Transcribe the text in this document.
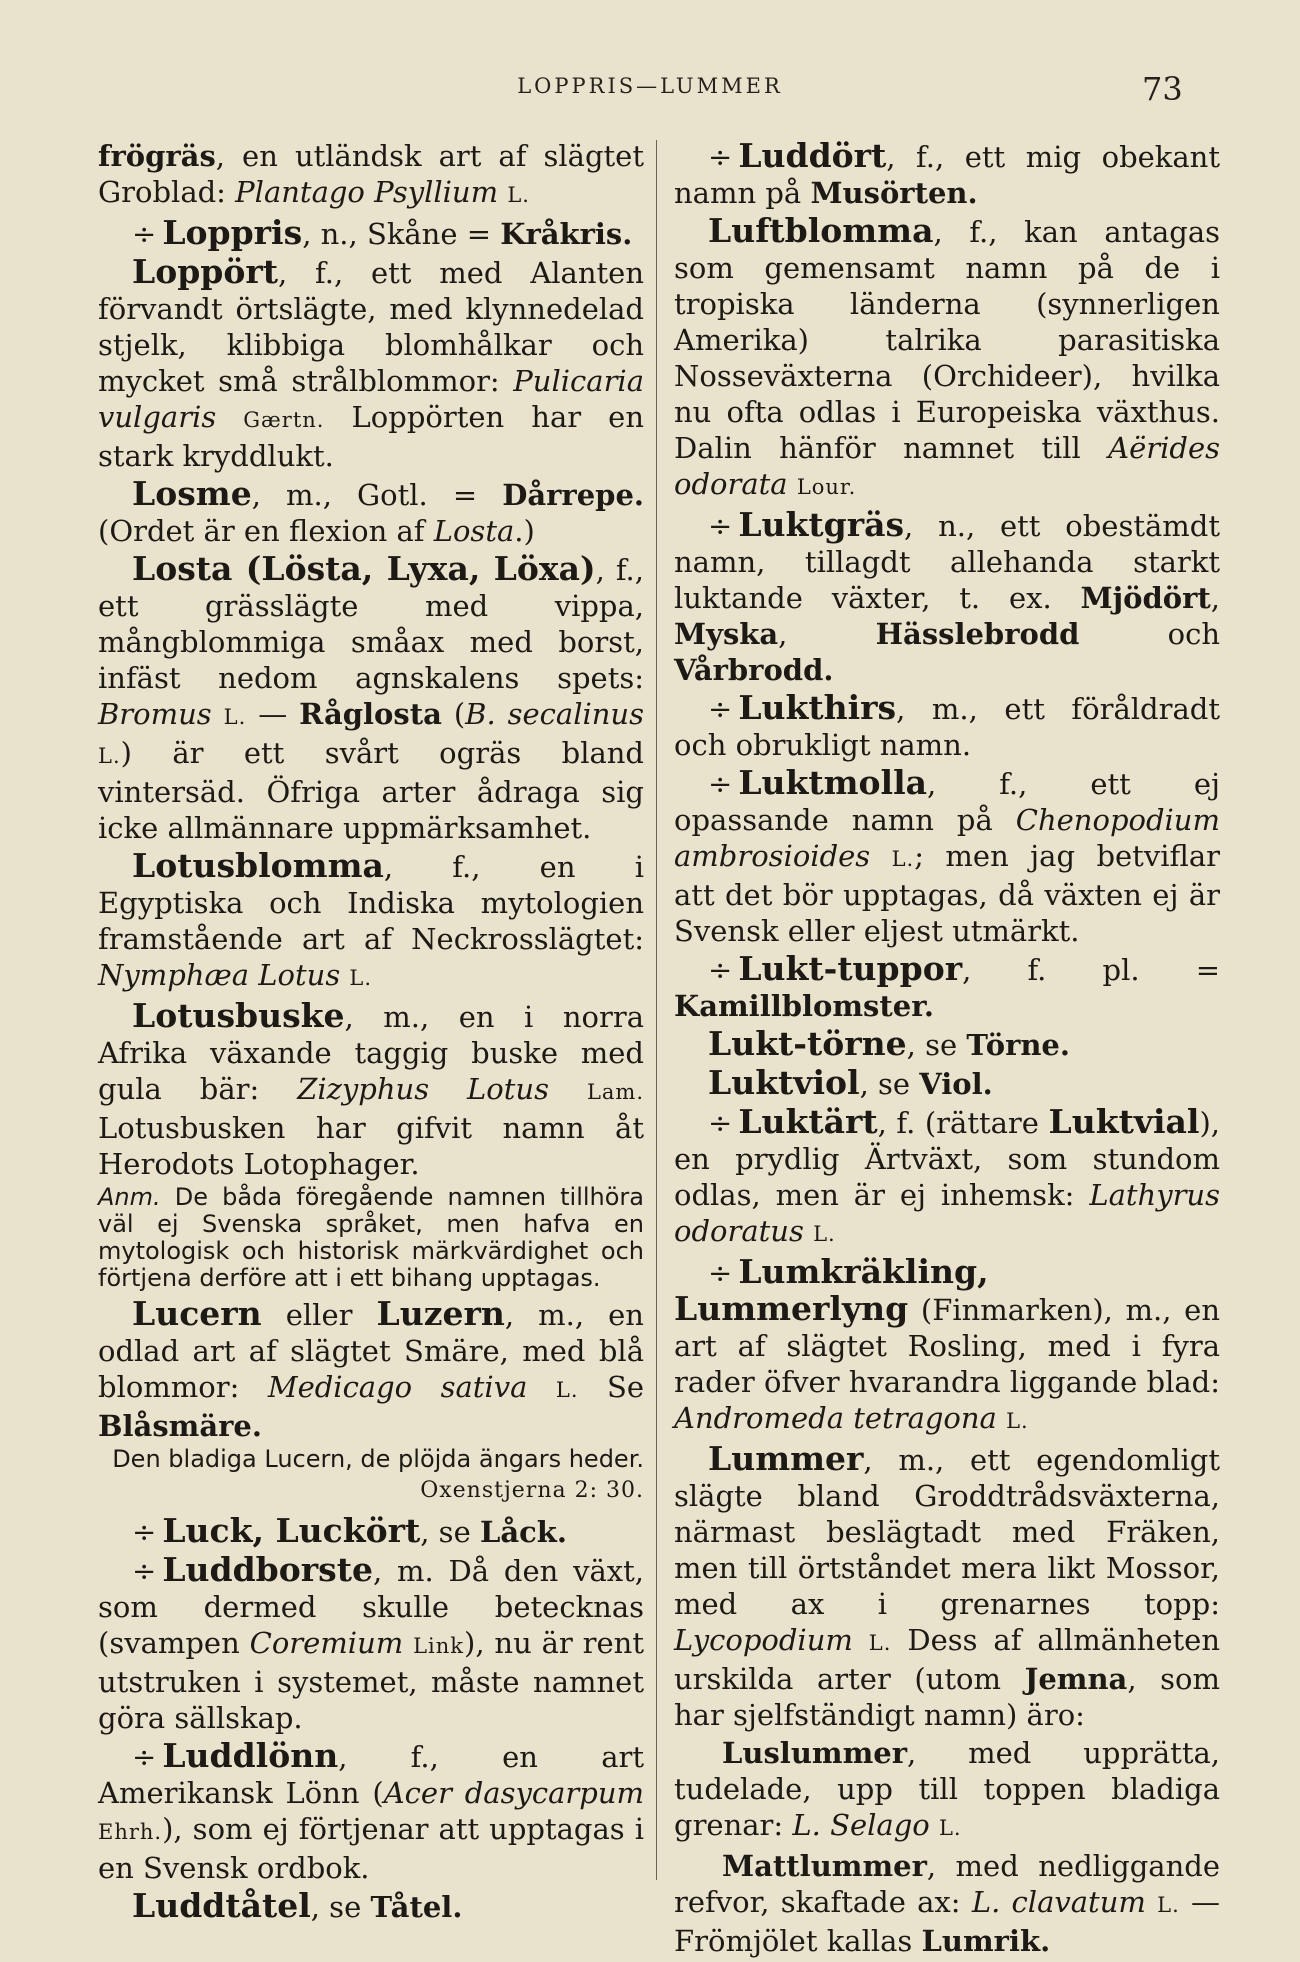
LOPPRIS—LUMMER	73

frögräs, en utländsk art af slägtet Groblad: Plantago Psyllium L.

÷ Loppris, n., Skåne = Kråkris.

Loppört, f., ett med Alanten förvandt örtslägte, med klynnedelad stjelk, klibbiga blomhålkar och mycket små strålblommor: Pulicaria vulgaris Gærtn. Loppörten har en stark kryddlukt.

Losme, m., Gotl. = Dårrepe. (Ordet är en flexion af Losta.)

Losta (Lösta, Lyxa, Löxa), f., ett grässlägte med vippa, mångblommiga småax med borst, infäst nedom agnskalens spets: Bromus L. — Råglosta (B. secalinus L.) är ett svårt ogräs bland vintersäd. Öfriga arter ådraga sig icke allmännare uppmärksamhet.

Lotusblomma, f., en i Egyptiska och Indiska mytologien framstående art af Neckrosslägtet: Nymphæa Lotus L.

Lotusbuske, m., en i norra Afrika växande taggig buske med gula bär: Zizyphus Lotus Lam. Lotusbusken har gifvit namn åt Herodots Lotophager.

Anm. De båda föregående namnen tillhöra väl ej Svenska språket, men hafva en mytologisk och historisk märkvärdighet och förtjena derföre att i ett bihang upptagas.

Lucern eller Luzern, m., en odlad art af slägtet Smäre, med blå blommor: Medicago sativa L. Se Blåsmäre.

Den bladiga Lucern, de plöjda ängars heder.

Oxenstjerna 2: 30.

÷ Luck, Luckört, se Låck.

÷ Luddborste, m. Då den växt, som dermed skulle betecknas (svampen Coremium Link), nu är rent utstruken i systemet, måste namnet göra sällskap.

÷ Luddlönn, f., en art Amerikansk Lönn (Acer dasycarpum Ehrh.), som ej förtjenar att upptagas i en Svensk ordbok.

Luddtåtel, se Tåtel.

÷ Luddört, f., ett mig obekant namn på Musörten.

Luftblomma, f., kan antagas som gemensamt namn på de i tropiska länderna (synnerligen Amerika) talrika parasitiska Nosseväxterna (Orchideer), hvilka nu ofta odlas i Europeiska växthus. Dalin hänför namnet till Aërides odorata Lour.

÷ Luktgräs, n., ett obestämdt namn, tillagdt allehanda starkt luktande växter, t. ex. Mjödört, Myska, Hässlebrodd och Vårbrodd.

÷ Lukthirs, m., ett föråldradt och obrukligt namn.

÷ Luktmolla, f., ett ej opassande namn på Chenopodium ambrosioides L.; men jag betviflar att det bör upptagas, då växten ej är Svensk eller eljest utmärkt.

÷ Lukt-tuppor, f. pl. = Kamillblomster.

Lukt-törne, se Törne.

Luktviol, se Viol.

÷ Luktärt, f. (rättare Luktvial), en prydlig Ärtväxt, som stundom odlas, men är ej inhemsk: Lathyrus odoratus L.

÷ Lumkräkling, Lummerlyng (Finmarken), m., en art af slägtet Rosling, med i fyra rader öfver hvarandra liggande blad: Andromeda tetragona L.

Lummer, m., ett egendomligt slägte bland Groddtrådsväxterna, närmast beslägtadt med Fräken, men till örtståndet mera likt Mossor, med ax i grenarnes topp: Lycopodium L. Dess af allmänheten urskilda arter (utom Jemna, som har sjelfständigt namn) äro:

Luslummer, med upprätta, tudelade, upp till toppen bladiga grenar: L. Selago L.

Mattlummer, med nedliggande refvor, skaftade ax: L. clavatum L. — Frömjölet kallas Lumrik.
